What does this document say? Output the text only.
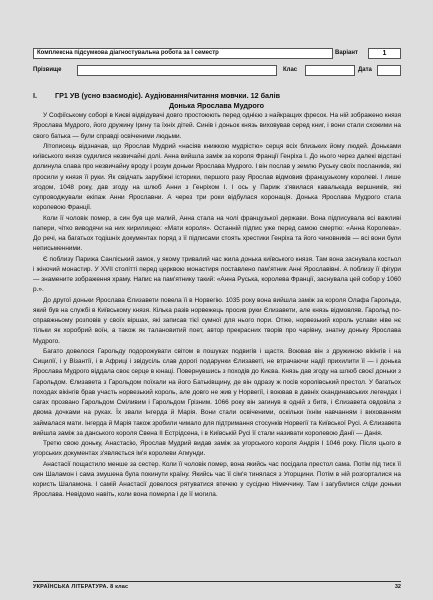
Комплексна підсумкова діагностувальна робота за І семестр	Варіант	1
Прізвище	Клас	Дата
І.	ГР1 УВ (усно взаємодіє). Аудіювання/читання мовчки. 12 балів
Донька Ярослава Мудрого

У Софіїському соборі в Києві відвідувачі довго простоюють перед однією з найкращих фресок. На ній зображено князя Ярослава Мудрого, його дружину Ірину та їхніх дітей. Синів і доньок князь виховував серед книг, і вони стали схожими на свого батька — були справді освіченими людьми.

Літописець відзначав, що Ярослав Мудрий «насіяв книжкою мудрістю» серця всіх близьких йому людей. Доньками київського князя судилися незвичайні долі. Анна вийшла заміж за короля Франції Генріха І. До нього через далекі відстані долинула слава про незвичайну вроду і розум доньки Ярослава Мудрого. І він послав у землю Руську своїх послаників, які просили у князя її руки. Як свідчать зарубіжні історики, першого разу Ярослав відмовив французькому королеві. І лише згодом, 1048 року, дав згоду на шлюб Анни з Генріхом І. І ось у Париж з'явилася кавалькада вершників, які супроводжували екіпаж Анни Ярославни. А через три роки відбулася коронація. Донька Ярослава Мудрого стала королевою Франції.

Коли її чоловік помер, а син був ще малий, Анна стала на чолі французької держави. Вона підписувала всі важливі папери, чітко виводячи на них кирилицею: «Мати короля». Останній підпис уже перед самою смертю: «Анна Королева». До речі, на багатьох тодішніх документах поряд з її підписами стоять хрестики Генріха та його чиновників — всі вони були неписьменними.

Є поблизу Парижа Санліський замок, у якому тривалий час жила донька київського князя. Там вона заснувала костьол і жіночий монастир. У XVII столітті перед церквою монастиря поставлено пам'ятник Анні Ярославівні. А поблизу її фігури — знамените зображення храму. Напис на пам'ятнику такий: «Анна Руська, королева Франції, заснувала цей собор у 1060 р.».

До другої доньки Ярослава Єлизавети повела її в Норвегію. 1035 року вона вийшла заміж за короля Олафа Гарольда, який був на службі в Київському князя. Кілька разів норвежець просив руки Єлизавети, але князь відмовляв. Гарольд по-справжньому розповів у своїх віршах, які записав тієї сумної для нього пори. Отже, норвезький король услави ніве нє тільки як хоробрий воїн, а також як талановитий поет, автор прекрасних творів про чарівну, знатну доньку Ярослава Мудрого.

Багато довелося Гарольду подорожувати світом в пошуках подвигів і щастя. Воював він з дружиною вікінгів і на Сицилії, і у Візантії, і в Африці і звідусіль слав дорогі подарунки Єлизаветі, не втрачаючи надії прихилити її — і донька Ярослава Мудрого віддала своє серце в юнаці. Повернувшись з походів до Києва. Князь дав згоду на шлюб своєї доньки з Гарольдом. Єлизавета з Гарольдом поїхали на його Батьківщину, де він одразу ж посів королівський престол. У багатьох походах вікінгів брав участь норвезький король, але довго не жив у Норвегії, і воював в давніх скандинавських легендах і сагах прозвано Гарольдом Сміливим і Гарольдом Грізним. 1066 року він загинув в одній з битв, і Єлизавета овдовіла з двома дочками на руках. Їх звали Інгерда й Марія. Вони стали освіченими, оскільки їхнім навчанням і вихованням займалася мати. Інгерда й Марія також зробили чимало для підтримання стосунків Норвегії та Київської Русі. А Єлизавета вийшла заміж за данського короля Свена ІІ Естрідсена, і в Київській Русі її стали називати королевою Данії — Данія.

Третю свою доньку, Анастасію, Ярослав Мудрий видав заміж за угорського короля Андрія І 1046 року. Після цього в угорських документах з'являється ім'я королеви Агмунди.

Анастасії пощастило менше за сестер. Коли її чоловік помер, вона якийсь час посідала престол сама. Потім під тиск її син Шаламон і сама змушена була покинути країну. Якийсь час її сім'я тинялася з Угорщини. Потім в ній розгорталися на користь Шаламона. І самій Анастасії довелося рятуватися втечею у сусідню Німеччину. Там і загубилися сліди доньки Ярослава. Невідомо навіть, коли вона померла і де її могила.

УКРАЇНСЬКА ЛІТЕРАТУРА. 8 клас	32
